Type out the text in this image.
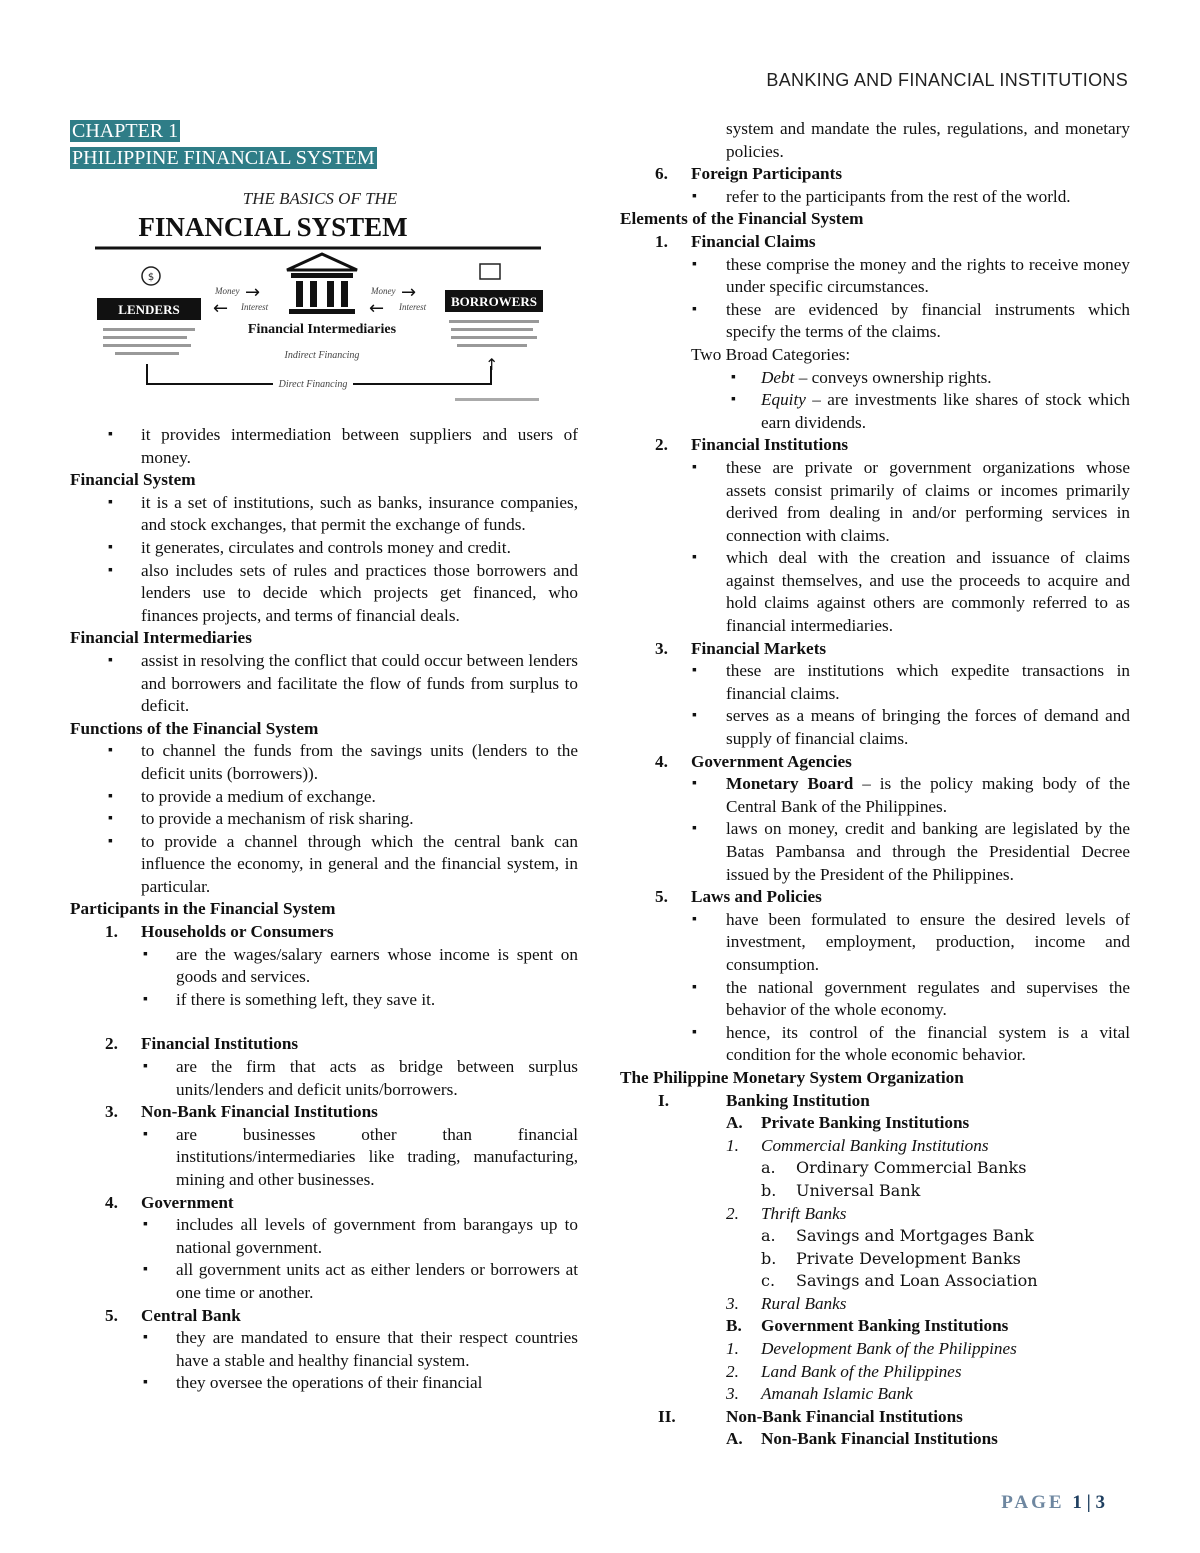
BANKING AND FINANCIAL INSTITUTIONS
CHAPTER 1
PHILIPPINE FINANCIAL SYSTEM
THE BASICS OF THE
FINANCIAL SYSTEM
$
LENDERS
Financial Intermediaries
Indirect Financing
Money →
← Interest
Money →
← Interest BORROWERS
Direct Financing
↑
▪ it provides intermediation between suppliers and users of money.
Financial System
▪ it is a set of institutions, such as banks, insurance companies, and stock exchanges, that permit the exchange of funds.
▪ it generates, circulates and controls money and credit.
▪ also includes sets of rules and practices those borrowers and lenders use to decide which projects get financed, who finances projects, and terms of financial deals.
Financial Intermediaries
▪ assist in resolving the conflict that could occur between lenders and borrowers and facilitate the flow of funds from surplus to deficit.
Functions of the Financial System
▪ to channel the funds from the savings units (lenders to the deficit units (borrowers)).
▪ to provide a medium of exchange.
▪ to provide a mechanism of risk sharing.
▪ to provide a channel through which the central bank can influence the economy, in general and the financial system, in particular.
Participants in the Financial System
1. Households or Consumers
▪ are the wages/salary earners whose income is spent on goods and services.
▪ if there is something left, they save it.
2. Financial Institutions
▪ are the firm that acts as bridge between surplus units/lenders and deficit units/borrowers.
3. Non-Bank Financial Institutions
▪ are businesses other than financial institutions/intermediaries like trading, manufacturing, mining and other businesses.
4. Government
▪ includes all levels of government from barangays up to national government.
▪ all government units act as either lenders or borrowers at one time or another.
5. Central Bank
▪ they are mandated to ensure that their respect countries have a stable and healthy financial system.
▪ they oversee the operations of their financial
system and mandate the rules, regulations, and monetary policies.
6. Foreign Participants
▪ refer to the participants from the rest of the world.
Elements of the Financial System
1. Financial Claims
▪ these comprise the money and the rights to receive money under specific circumstances.
▪ these are evidenced by financial instruments which specify the terms of the claims.
Two Broad Categories:
▪ Debt – conveys ownership rights.
▪ Equity – are investments like shares of stock which earn dividends.
2. Financial Institutions
▪ these are private or government organizations whose assets consist primarily of claims or incomes primarily derived from dealing in and/or performing services in connection with claims.
▪ which deal with the creation and issuance of claims against themselves, and use the proceeds to acquire and hold claims against others are commonly referred to as financial intermediaries.
3. Financial Markets
▪ these are institutions which expedite transactions in financial claims.
▪ serves as a means of bringing the forces of demand and supply of financial claims.
4. Government Agencies
▪ Monetary Board – is the policy making body of the Central Bank of the Philippines.
▪ laws on money, credit and banking are legislated by the Batas Pambansa and through the Presidential Decree issued by the President of the Philippines.
5. Laws and Policies
▪ have been formulated to ensure the desired levels of investment, employment, production, income and consumption.
▪ the national government regulates and supervises the behavior of the whole economy.
▪ hence, its control of the financial system is a vital condition for the whole economic behavior.
The Philippine Monetary System Organization
I.	Banking Institution
A. Private Banking Institutions
1. Commercial Banking Institutions
a. Ordinary Commercial Banks
b. Universal Bank
2. Thrift Banks
a. Savings and Mortgages Bank
b. Private Development Banks
c. Savings and Loan Association
3. Rural Banks
B. Government Banking Institutions
1. Development Bank of the Philippines
2. Land Bank of the Philippines
3. Amanah Islamic Bank
II.	Non-Bank Financial Institutions
A. Non-Bank Financial Institutions
PAGE 1 | 3
